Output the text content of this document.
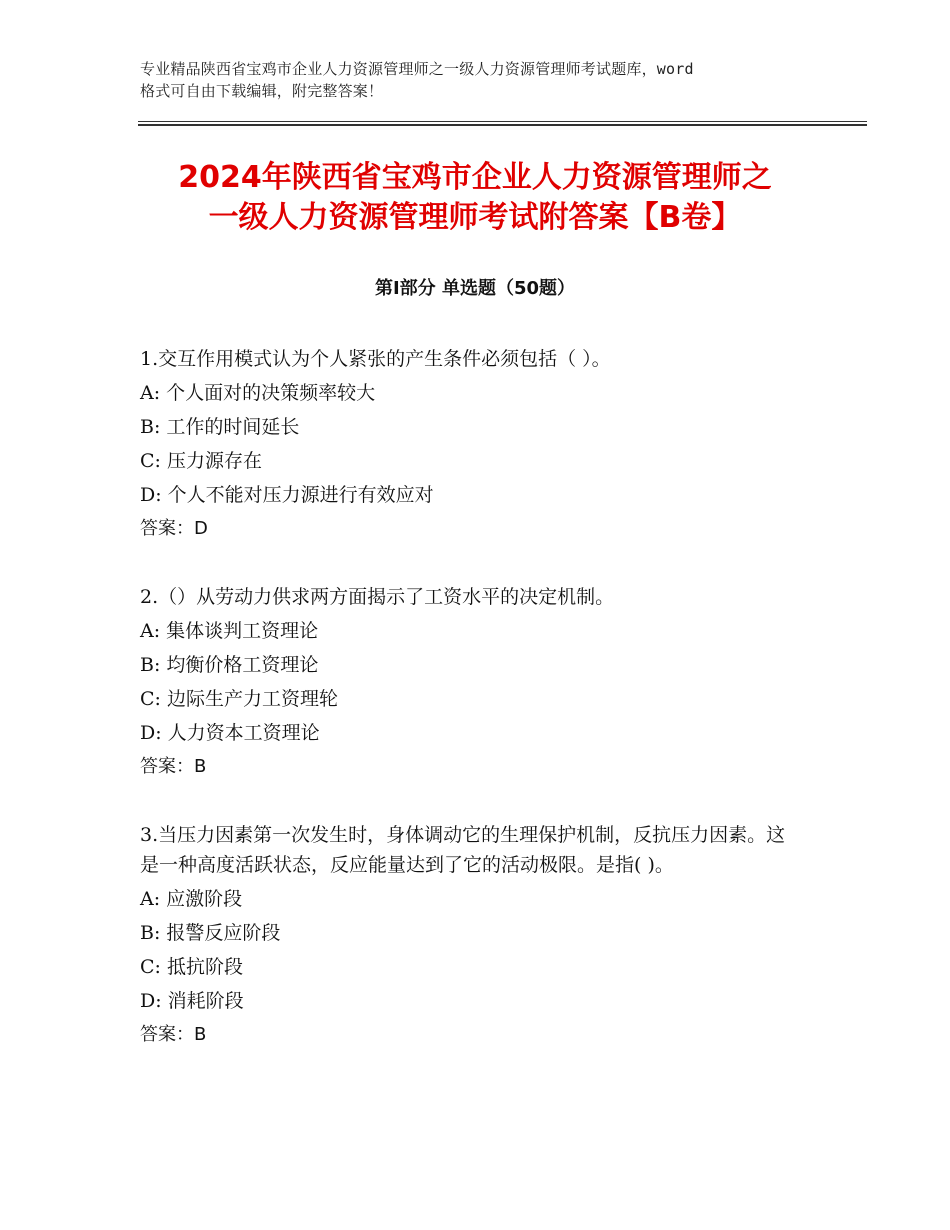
专业精品陕西省宝鸡市企业人力资源管理师之一级人力资源管理师考试题库，word
格式可自由下载编辑，附完整答案！
2024年陕西省宝鸡市企业人力资源管理师之
一级人力资源管理师考试附答案【B卷】
第Ⅰ部分 单选题（50题）
1.交互作用模式认为个人紧张的产生条件必须包括（ ）。
A: 个人面对的决策频率较大
B: 工作的时间延长
C: 压力源存在
D: 个人不能对压力源进行有效应对
答案：D
2.（）从劳动力供求两方面揭示了工资水平的决定机制。
A: 集体谈判工资理论
B: 均衡价格工资理论
C: 边际生产力工资理轮
D: 人力资本工资理论
答案：B
3.当压力因素第一次发生时，身体调动它的生理保护机制，反抗压力因素。这是一种高度活跃状态，反应能量达到了它的活动极限。是指( )。
A: 应激阶段
B: 报警反应阶段
C: 抵抗阶段
D: 消耗阶段
答案：B
